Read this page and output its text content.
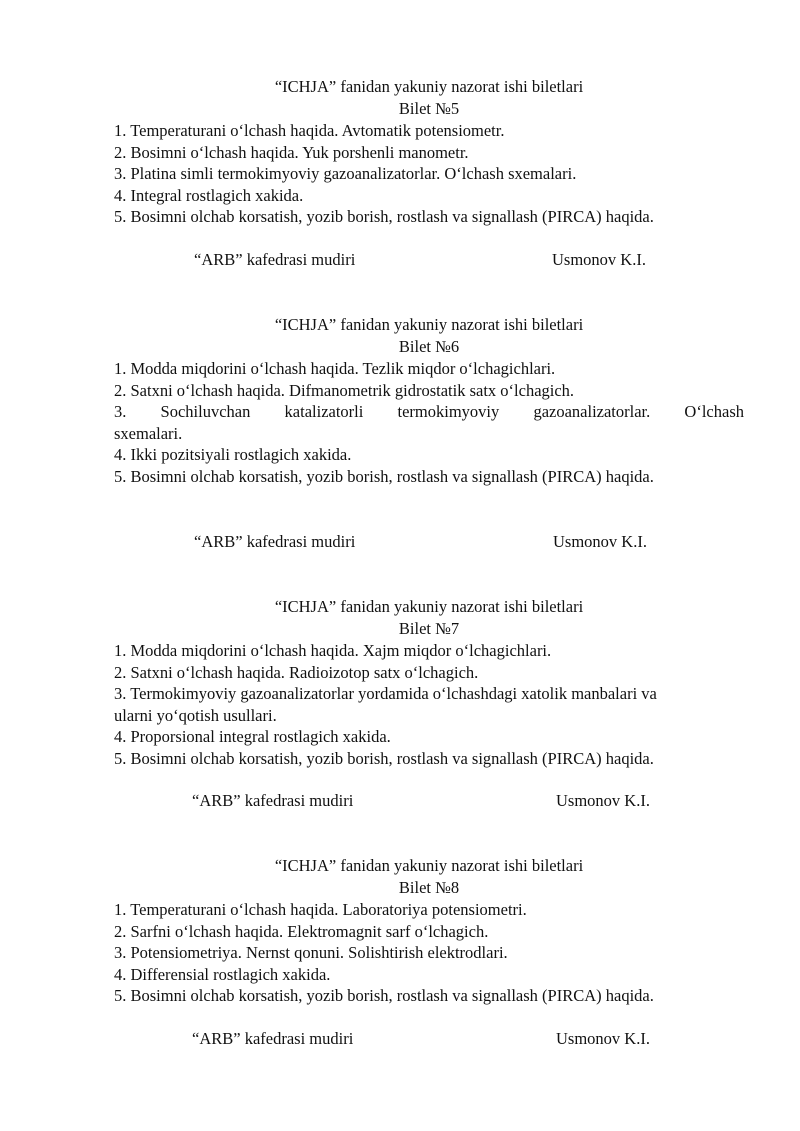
“ICHJA” fanidan yakuniy nazorat ishi biletlari
Bilet №5

1. Temperaturani o‘lchash haqida. Avtomatik potensiometr.

2. Bosimni o‘lchash haqida. Yuk porshenli manometr.

3. Platina simli termokimyoviy gazoanalizatorlar. O‘lchash sxemalari.

4. Integral rostlagich xakida.

5. Bosimni olchab korsatish, yozib borish, rostlash va signallash (PIRCA) haqida.

“ARB” kafedrasi mudiri	Usmonov K.I.
“ICHJA” fanidan yakuniy nazorat ishi biletlari
Bilet №6

1. Modda miqdorini o‘lchash haqida. Tezlik miqdor o‘lchagichlari.

2. Satxni o‘lchash haqida. Difmanometrik gidrostatik satx o‘lchagich.

3. Sochiluvchan katalizatorli termokimyoviy gazoanalizatorlar. O‘lchash

sxemalari.

4. Ikki pozitsiyali rostlagich xakida.

5. Bosimni olchab korsatish, yozib borish, rostlash va signallash (PIRCA) haqida.

“ARB” kafedrasi mudiri	Usmonov K.I.
“ICHJA” fanidan yakuniy nazorat ishi biletlari
Bilet №7

1. Modda miqdorini o‘lchash haqida. Xajm miqdor o‘lchagichlari.

2. Satxni o‘lchash haqida. Radioizotop satx o‘lchagich.

3. Termokimyoviy gazoanalizatorlar yordamida o‘lchashdagi xatolik manbalari va

ularni yo‘qotish usullari.

4. Proporsional integral rostlagich xakida.

5. Bosimni olchab korsatish, yozib borish, rostlash va signallash (PIRCA) haqida.

“ARB” kafedrasi mudiri	Usmonov K.I.
“ICHJA” fanidan yakuniy nazorat ishi biletlari
Bilet №8

1. Temperaturani o‘lchash haqida. Laboratoriya potensiometri.

2. Sarfni o‘lchash haqida. Elektromagnit sarf o‘lchagich.

3. Potensiometriya. Nernst qonuni. Solishtirish elektrodlari.

4. Differensial rostlagich xakida.

5. Bosimni olchab korsatish, yozib borish, rostlash va signallash (PIRCA) haqida.

“ARB” kafedrasi mudiri	Usmonov K.I.
